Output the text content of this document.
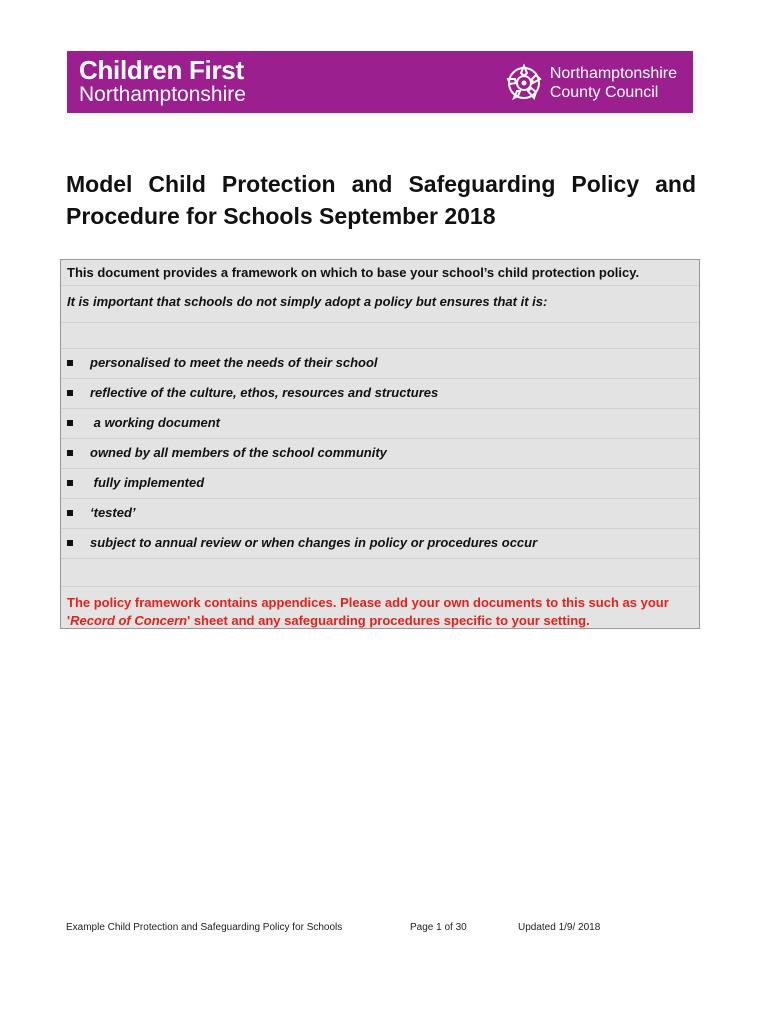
Children First
Northamptonshire
Northamptonshire
County Council
Model Child Protection and Safeguarding Policy and Procedure for Schools September 2018
This document provides a framework on which to base your school’s child protection policy.
It is important that schools do not simply adopt a policy but ensures that it is:
personalised to meet the needs of their school
reflective of the culture, ethos, resources and structures
a working document
owned by all members of the school community
fully implemented
‘tested’
subject to annual review or when changes in policy or procedures occur
The policy framework contains appendices. Please add your own documents to this such as your 'Record of Concern' sheet and any safeguarding procedures specific to your setting.
Example Child Protection and Safeguarding Policy for Schools	Page 1 of 30	Updated 1/9/ 2018
